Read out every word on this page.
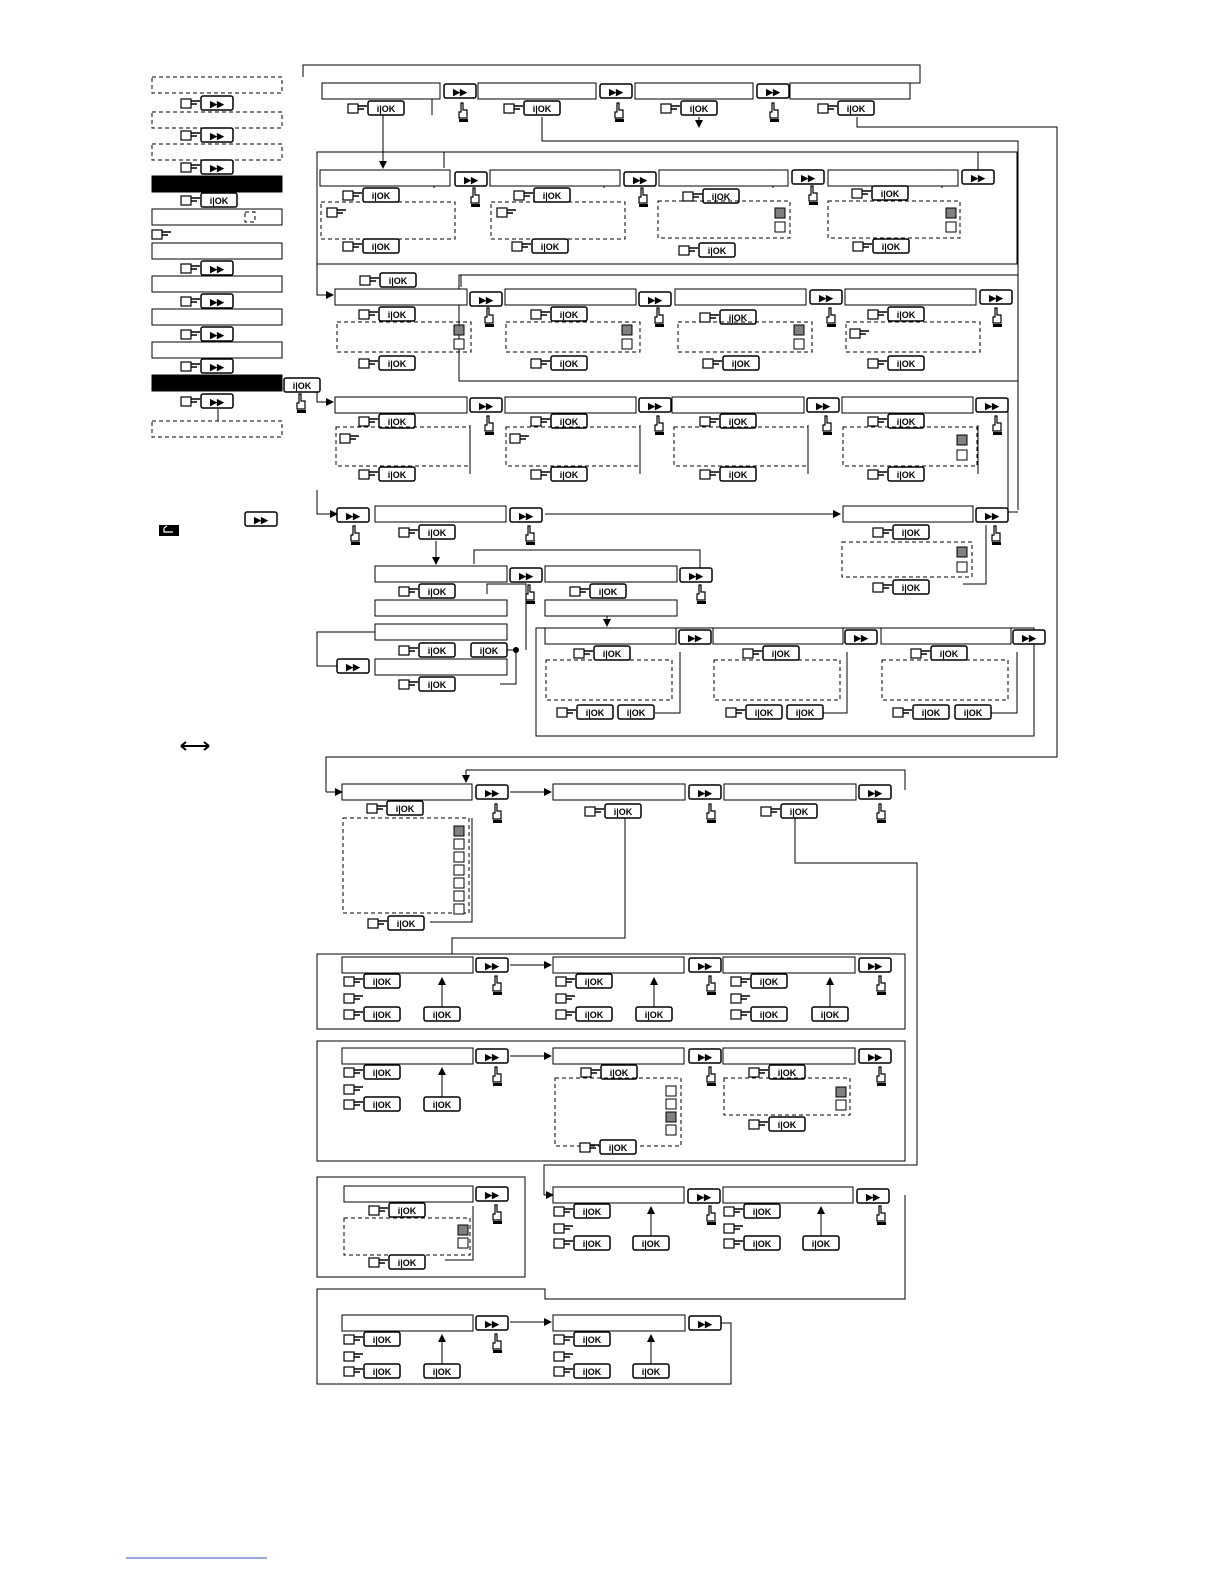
▶▶
▶▶
▶▶
i|OK
▶▶
▶▶
▶▶
▶▶
i|OK
▶▶
▶▶
▶▶	▶▶	▶▶
i|OK	i|OK	i|OK	i|OK
▶▶	▶▶	▶▶	▶▶
i|OK	i|OK	i|OK	i|OK
i|OK	i|OK	i|OK	i|OK
i|OK
▶▶	▶▶	▶▶	▶▶
i|OK	i|OK	i|OK	i|OK
i|OK	i|OK	i|OK	i|OK
▶▶	▶▶	▶▶	▶▶
i|OK	i|OK	i|OK	i|OK
i|OK	i|OK	i|OK	i|OK
▶▶	▶▶
i|OK
▶▶
i|OK
i|OK
▶▶	▶▶
i|OK	i|OK
i|OK	i|OK
▶▶
i|OK
▶▶	▶▶	▶▶
i|OK	i|OK	i|OK
i|OK i|OK	i|OK i|OK	i|OK	i|OK
▶▶	▶▶	▶▶
i|OK	i|OK	i|OK
i|OK
▶▶	▶▶	▶▶
i|OK
i|OK	i|OK
i|OK
i|OK	i|OK
i|OK
i|OK	i|OK
▶▶	▶▶	▶▶
i|OK
i|OK	i|OK
i|OK
i|OK
i|OK
i|OK
▶▶
i|OK
i|OK
▶▶	▶▶
i|OK
i|OK	i|OK
i|OK
i|OK	i|OK
▶▶	▶▶
i|OK
i|OK	i|OK
i|OK
i|OK	i|OK
